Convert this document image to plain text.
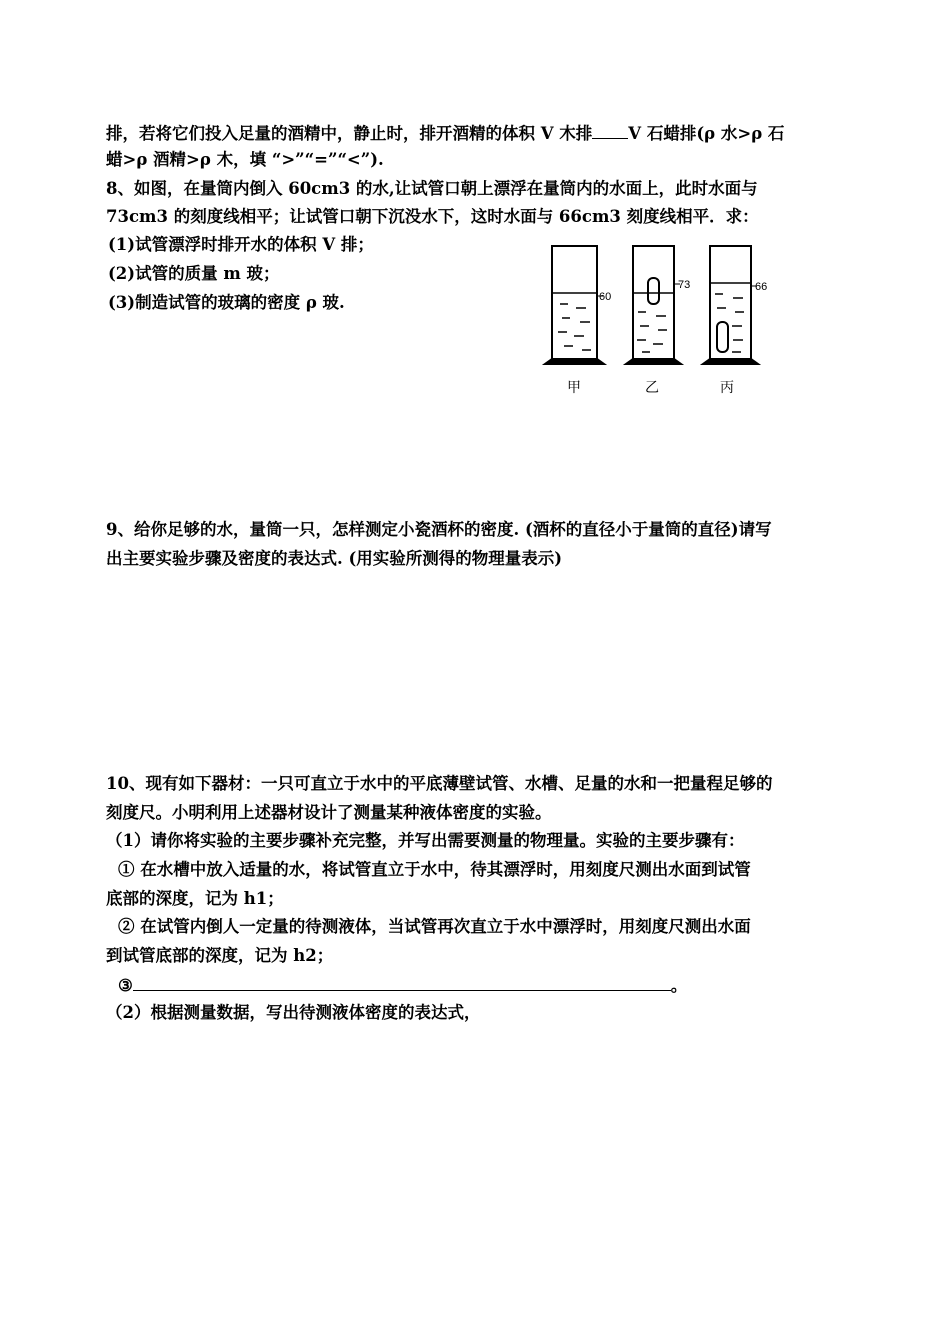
排，若将它们投入足量的酒精中，静止时，排开酒精的体积 V 木排 V 石蜡排(ρ 水>ρ 石
蜡>ρ 酒精>ρ 木，填 “>”“=”“<”).
8、如图，在量筒内倒入 60cm3 的水,让试管口朝上漂浮在量筒内的水面上，此时水面与
73cm3 的刻度线相平；让试管口朝下沉没水下，这时水面与 66cm3 刻度线相平．求：
(1)试管漂浮时排开水的体积 V 排；
(2)试管的质量 m 玻；
(3)制造试管的玻璃的密度 ρ 玻.	60
73	66
甲	乙	丙
9、给你足够的水，量筒一只，怎样测定小瓷酒杯的密度. (酒杯的直径小于量筒的直径)请写
出主要实验步骤及密度的表达式. (用实验所测得的物理量表示)
10、现有如下器材：一只可直立于水中的平底薄壁试管、水槽、足量的水和一把量程足够的
刻度尺。小明利用上述器材设计了测量某种液体密度的实验。
（1）请你将实验的主要步骤补充完整，并写出需要测量的物理量。实验的主要步骤有：
① 在水槽中放入适量的水，将试管直立于水中，待其漂浮时，用刻度尺测出水面到试管
底部的深度，记为 h1；
② 在试管内倒人一定量的待测液体，当试管再次直立于水中漂浮时，用刻度尺测出水面
到试管底部的深度，记为 h2；
③	。
（2）根据测量数据，写出待测液体密度的表达式，
